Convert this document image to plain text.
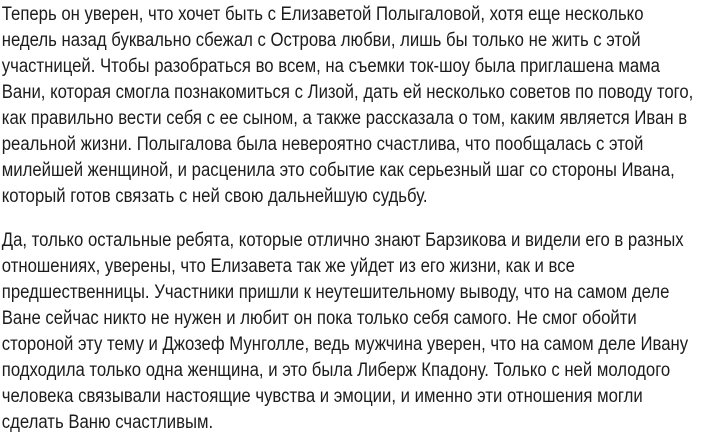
Теперь он уверен, что хочет быть с Елизаветой Полыгаловой, хотя еще несколько недель назад буквально сбежал с Острова любви, лишь бы только не жить с этой участницей. Чтобы разобраться во всем, на съемки ток-шоу была приглашена мама Вани, которая смогла познакомиться с Лизой, дать ей несколько советов по поводу того, как правильно вести себя с ее сыном, а также рассказала о том, каким является Иван в реальной жизни. Полыгалова была невероятно счастлива, что пообщалась с этой милейшей женщиной, и расценила это событие как серьезный шаг со стороны Ивана, который готов связать с ней свою дальнейшую судьбу.

Да, только остальные ребята, которые отлично знают Барзикова и видели его в разных отношениях, уверены, что Елизавета так же уйдет из его жизни, как и все предшественницы. Участники пришли к неутешительному выводу, что на самом деле Ване сейчас никто не нужен и любит он пока только себя самого. Не смог обойти стороной эту тему и Джозеф Мунголле, ведь мужчина уверен, что на самом деле Ивану подходила только одна женщина, и это была Либерж Кпадону. Только с ней молодого человека связывали настоящие чувства и эмоции, и именно эти отношения могли сделать Ваню счастливым.
